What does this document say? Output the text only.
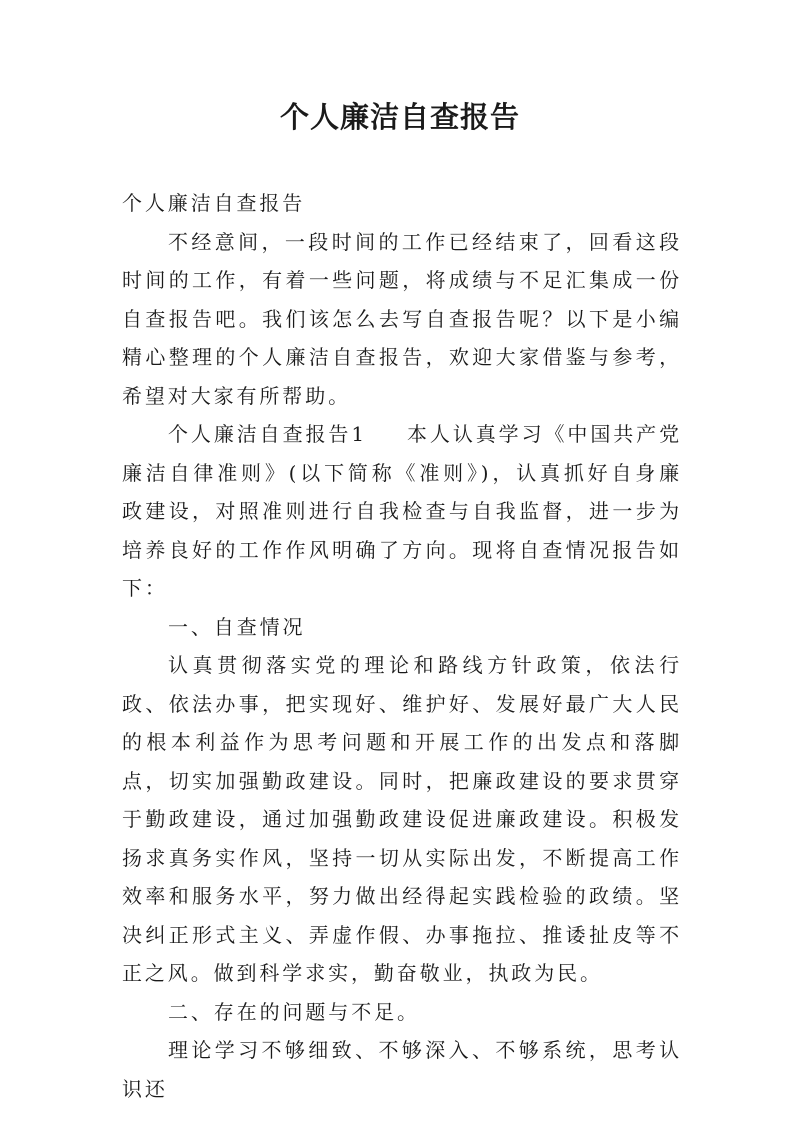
个人廉洁自查报告

个人廉洁自查报告

不经意间，一段时间的工作已经结束了，回看这段时间的工作，有着一些问题，将成绩与不足汇集成一份自查报告吧。我们该怎么去写自查报告呢？以下是小编精心整理的个人廉洁自查报告，欢迎大家借鉴与参考，希望对大家有所帮助。

个人廉洁自查报告1 本人认真学习《中国共产党廉洁自律准则》(以下简称《准则》)，认真抓好自身廉政建设，对照准则进行自我检查与自我监督，进一步为培养良好的工作作风明确了方向。现将自查情况报告如下：

一、自查情况

认真贯彻落实党的理论和路线方针政策，依法行政、依法办事，把实现好、维护好、发展好最广大人民的根本利益作为思考问题和开展工作的出发点和落脚点，切实加强勤政建设。同时，把廉政建设的要求贯穿于勤政建设，通过加强勤政建设促进廉政建设。积极发扬求真务实作风，坚持一切从实际出发，不断提高工作效率和服务水平，努力做出经得起实践检验的政绩。坚决纠正形式主义、弄虚作假、办事拖拉、推诿扯皮等不正之风。做到科学求实，勤奋敬业，执政为民。

二、存在的问题与不足。

理论学习不够细致、不够深入、不够系统，思考认识还
